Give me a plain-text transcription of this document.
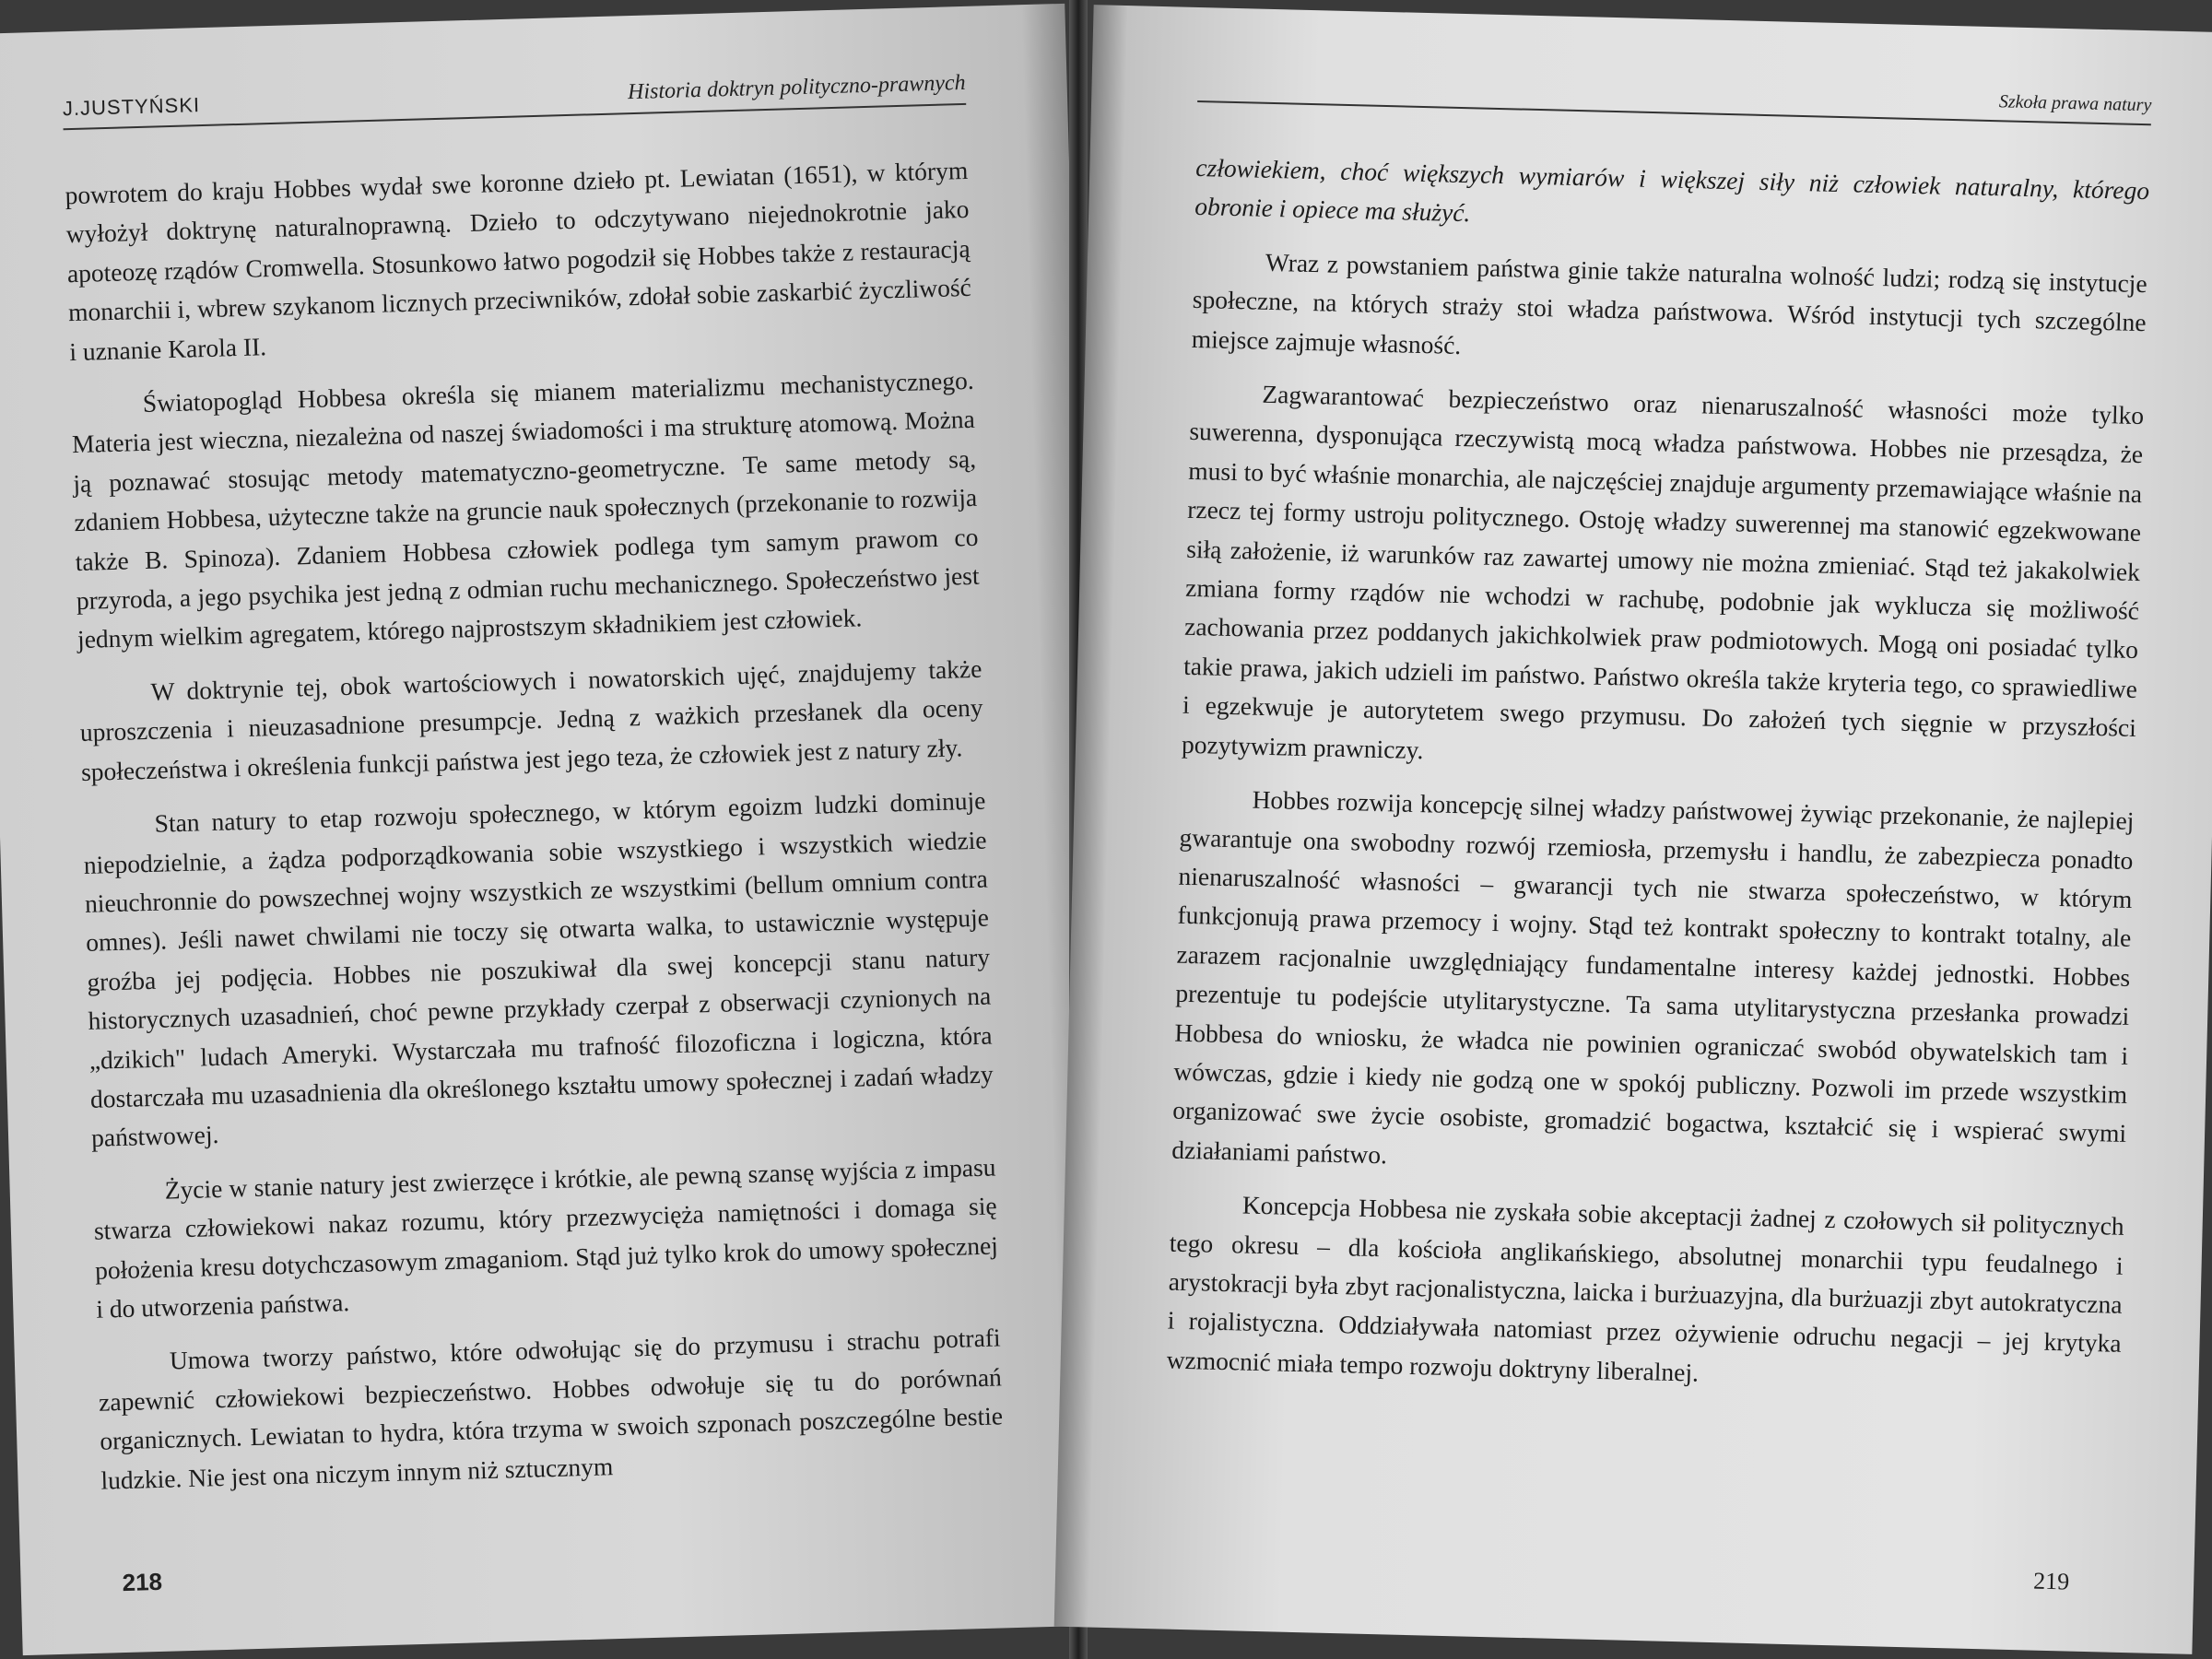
J.JUSTYŃSKI
Historia doktryn polityczno-prawnych

powrotem do kraju Hobbes wydał swe koronne dzieło pt. Lewiatan (1651), w którym wyłożył doktrynę naturalnoprawną. Dzieło to odczytywano niejednokrotnie jako apoteozę rządów Cromwella. Stosunkowo łatwo pogodził się Hobbes także z restauracją monarchii i, wbrew szykanom licznych przeciwników, zdołał sobie zaskarbić życzliwość i uznanie Karola II.

Światopogląd Hobbesa określa się mianem materializmu mechanistycznego. Materia jest wieczna, niezależna od naszej świadomości i ma strukturę atomową. Można ją poznawać stosując metody matematyczno-geometryczne. Te same metody są, zdaniem Hobbesa, użyteczne także na gruncie nauk społecznych (przekonanie to rozwija także B. Spinoza). Zdaniem Hobbesa człowiek podlega tym samym prawom co przyroda, a jego psychika jest jedną z odmian ruchu mechanicznego. Społeczeństwo jest jednym wielkim agregatem, którego najprostszym składnikiem jest człowiek.

W doktrynie tej, obok wartościowych i nowatorskich ujęć, znajdujemy także uproszczenia i nieuzasadnione presumpcje. Jedną z ważkich przesłanek dla oceny społeczeństwa i określenia funkcji państwa jest jego teza, że człowiek jest z natury zły.

Stan natury to etap rozwoju społecznego, w którym egoizm ludzki dominuje niepodzielnie, a żądza podporządkowania sobie wszystkiego i wszystkich wiedzie nieuchronnie do powszechnej wojny wszystkich ze wszystkimi (bellum omnium contra omnes). Jeśli nawet chwilami nie toczy się otwarta walka, to ustawicznie występuje groźba jej podjęcia. Hobbes nie poszukiwał dla swej koncepcji stanu natury historycznych uzasadnień, choć pewne przykłady czerpał z obserwacji czynionych na „dzikich" ludach Ameryki. Wystarczała mu trafność filozoficzna i logiczna, która dostarczała mu uzasadnienia dla określonego kształtu umowy społecznej i zadań władzy państwowej.

Życie w stanie natury jest zwierzęce i krótkie, ale pewną szansę wyjścia z impasu stwarza człowiekowi nakaz rozumu, który przezwycięża namiętności i domaga się położenia kresu dotychczasowym zmaganiom. Stąd już tylko krok do umowy społecznej i do utworzenia państwa.

Umowa tworzy państwo, które odwołując się do przymusu i strachu potrafi zapewnić człowiekowi bezpieczeństwo. Hobbes odwołuje się tu do porównań organicznych. Lewiatan to hydra, która trzyma w swoich szponach poszczególne bestie ludzkie. Nie jest ona niczym innym niż sztucznym

218
Szkoła prawa natury

człowiekiem, choć większych wymiarów i większej siły niż człowiek naturalny, którego obronie i opiece ma służyć.

Wraz z powstaniem państwa ginie także naturalna wolność ludzi; rodzą się instytucje społeczne, na których straży stoi władza państwowa. Wśród instytucji tych szczególne miejsce zajmuje własność.

Zagwarantować bezpieczeństwo oraz nienaruszalność własności może tylko suwerenna, dysponująca rzeczywistą mocą władza państwowa. Hobbes nie przesądza, że musi to być właśnie monarchia, ale najczęściej znajduje argumenty przemawiające właśnie na rzecz tej formy ustroju politycznego. Ostoję władzy suwerennej ma stanowić egzekwowane siłą założenie, iż warunków raz zawartej umowy nie można zmieniać. Stąd też jakakolwiek zmiana formy rządów nie wchodzi w rachubę, podobnie jak wyklucza się możliwość zachowania przez poddanych jakichkolwiek praw podmiotowych. Mogą oni posiadać tylko takie prawa, jakich udzieli im państwo. Państwo określa także kryteria tego, co sprawiedliwe i egzekwuje je autorytetem swego przymusu. Do założeń tych sięgnie w przyszłości pozytywizm prawniczy.

Hobbes rozwija koncepcję silnej władzy państwowej żywiąc przekonanie, że najlepiej gwarantuje ona swobodny rozwój rzemiosła, przemysłu i handlu, że zabezpiecza ponadto nienaruszalność własności – gwarancji tych nie stwarza społeczeństwo, w którym funkcjonują prawa przemocy i wojny. Stąd też kontrakt społeczny to kontrakt totalny, ale zarazem racjonalnie uwzględniający fundamentalne interesy każdej jednostki. Hobbes prezentuje tu podejście utylitarystyczne. Ta sama utylitarystyczna przesłanka prowadzi Hobbesa do wniosku, że władca nie powinien ograniczać swobód obywatelskich tam i wówczas, gdzie i kiedy nie godzą one w spokój publiczny. Pozwoli im przede wszystkim organizować swe życie osobiste, gromadzić bogactwa, kształcić się i wspierać swymi działaniami państwo.

Koncepcja Hobbesa nie zyskała sobie akceptacji żadnej z czołowych sił politycznych tego okresu – dla kościoła anglikańskiego, absolutnej monarchii typu feudalnego i arystokracji była zbyt racjonalistyczna, laicka i burżuazyjna, dla burżuazji zbyt autokratyczna i rojalistyczna. Oddziaływała natomiast przez ożywienie odruchu negacji – jej krytyka wzmocnić miała tempo rozwoju doktryny liberalnej.

219
